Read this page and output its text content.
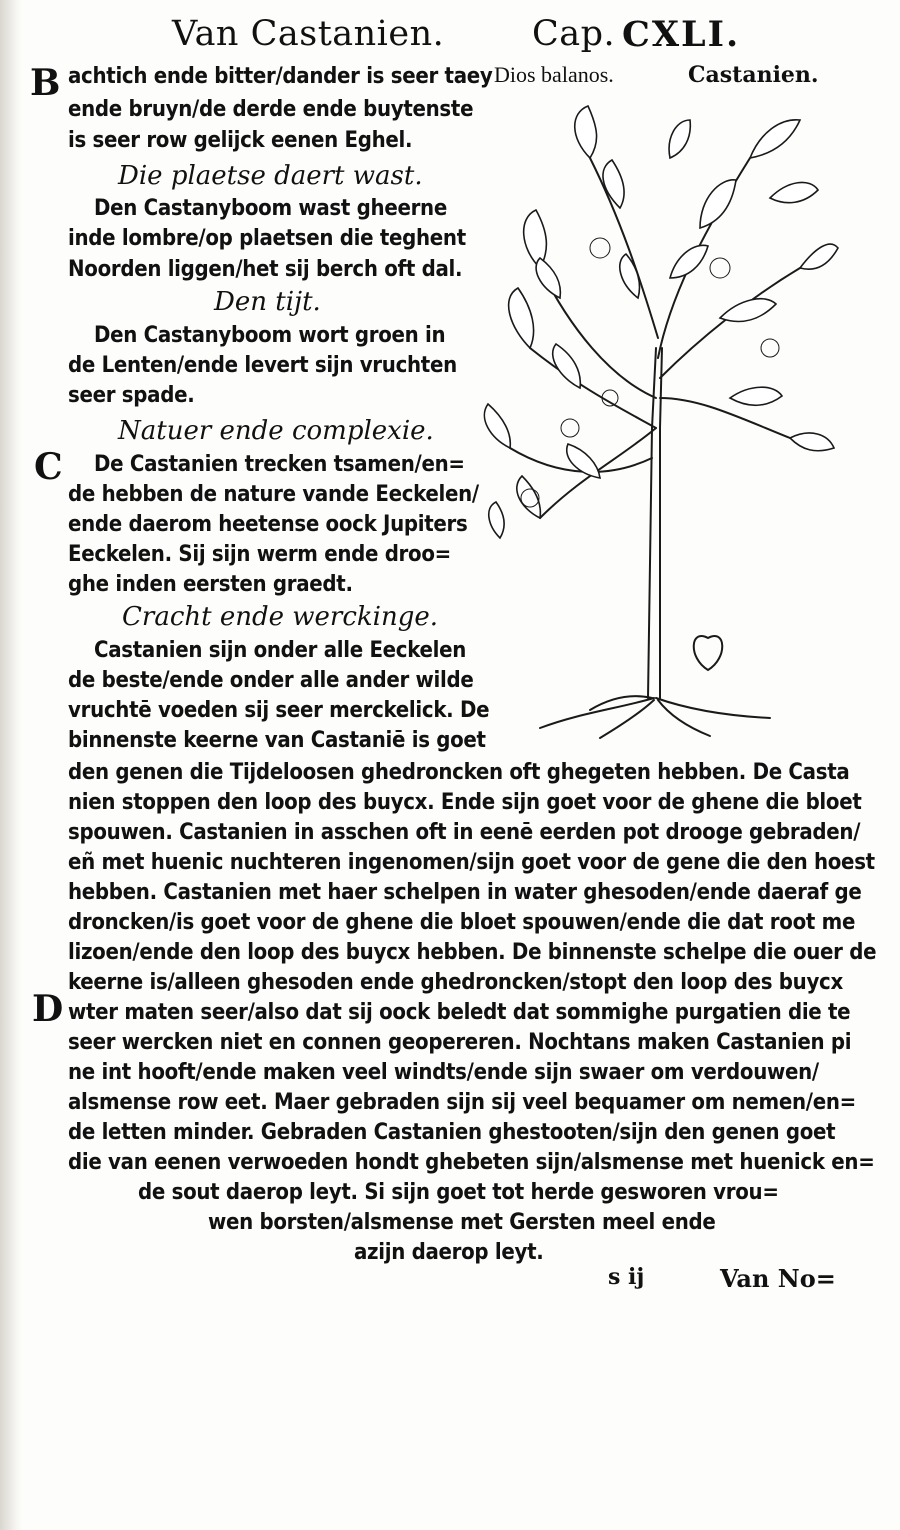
Van Castanien.	Cap. CXLI.
Dios balanos.	Castanien.
B
C
D
achtich ende bitter/dander is seer taey
ende bruyn/de derde ende buytenste
is seer row gelijck eenen Eghel.
Die plaetse daert wast.
Den Castanyboom wast gheerne
inde lombre/op plaetsen die teghent
Noorden liggen/het sij berch oft dal.
Den tijt.
Den Castanyboom wort groen in
de Lenten/ende levert sijn vruchten
seer spade.
Natuer ende complexie.
De Castanien trecken tsamen/en=
de hebben de nature vande Eeckelen/
ende daerom heetense oock Jupiters
Eeckelen. Sij sijn werm ende droo=
ghe inden eersten graedt.
Cracht ende werckinge.
Castanien sijn onder alle Eeckelen
de beste/ende onder alle ander wilde
vruchtē voeden sij seer merckelick. De
binnenste keerne van Castaniē is goet
den genen die Tijdeloosen ghedroncken oft ghegeten hebben. De Casta
nien stoppen den loop des buycx. Ende sijn goet voor de ghene die bloet
spouwen. Castanien in asschen oft in eenē eerden pot drooge gebraden/
eñ met huenic nuchteren ingenomen/sijn goet voor de gene die den hoest
hebben. Castanien met haer schelpen in water ghesoden/ende daeraf ge
droncken/is goet voor de ghene die bloet spouwen/ende die dat root me
lizoen/ende den loop des buycx hebben. De binnenste schelpe die ouer de
keerne is/alleen ghesoden ende ghedroncken/stopt den loop des buycx
wter maten seer/also dat sij oock beledt dat sommighe purgatien die te
seer wercken niet en connen geopereren. Nochtans maken Castanien pi
ne int hooft/ende maken veel windts/ende sijn swaer om verdouwen/
alsmense row eet. Maer gebraden sijn sij veel bequamer om nemen/en=
de letten minder. Gebraden Castanien ghestooten/sijn den genen goet
die van eenen verwoeden hondt ghebeten sijn/alsmense met huenick en=
de sout daerop leyt. Si sijn goet tot herde gesworen vrou=
wen borsten/alsmense met Gersten meel ende
azijn daerop leyt.
s ij	Van No=
